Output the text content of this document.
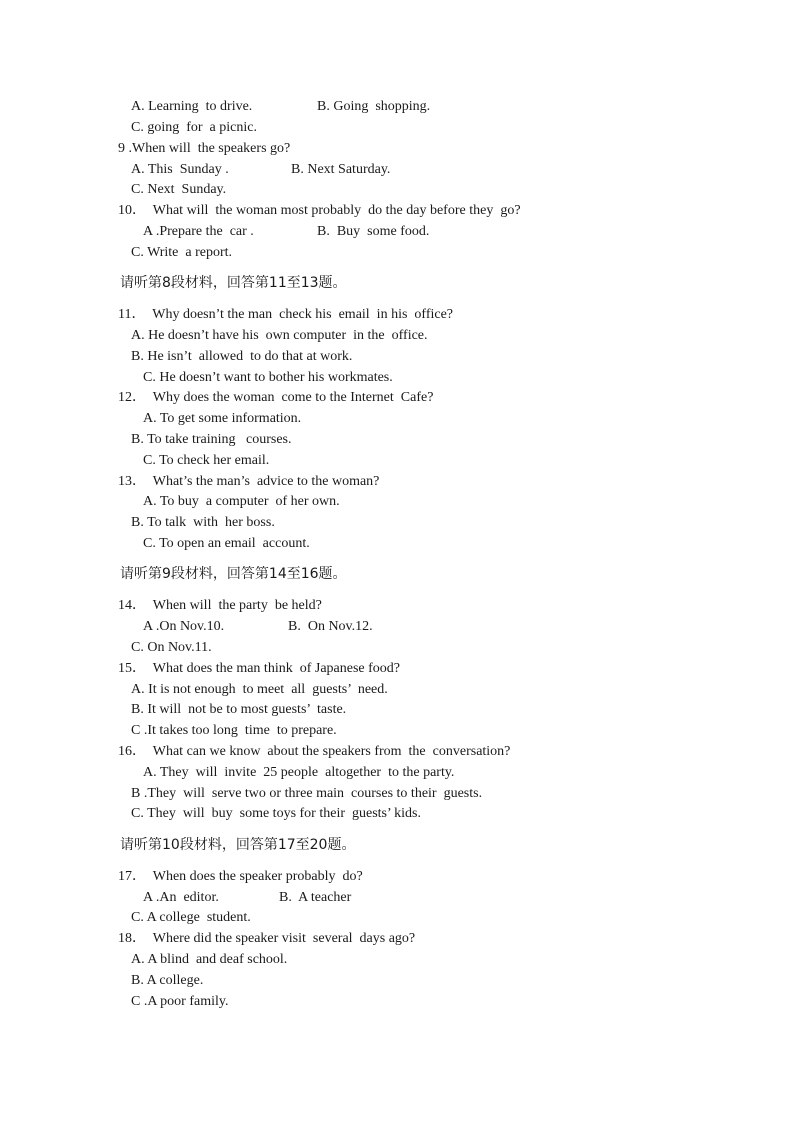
A. Learning  to drive.	B. Going  shopping.
C. going  for  a picnic.
9 .When will  the speakers go?
A. This  Sunday .	B. Next Saturday.
C. Next  Sunday.
10．  What will  the woman most probably  do the day before they  go?
A .Prepare the  car .	B.  Buy  some food.
C. Write  a report.
请听第8段材料，回答第11至13题。
11．  Why doesn’t the man  check his  email  in his  office?
A. He doesn’t have his  own computer  in the  office.
B. He isn’t  allowed  to do that at work.
C. He doesn’t want to bother his workmates.
12．  Why does the woman  come to the Internet  Cafe?
A. To get some information.
B. To take training   courses.
C. To check her email.
13．  What’s the man’s  advice to the woman?
A. To buy  a computer  of her own.
B. To talk  with  her boss.
C. To open an email  account.
请听第9段材料，回答第14至16题。
14．  When will  the party  be held?
A .On Nov.10.	B.  On Nov.12.
C. On Nov.11.
15．  What does the man think  of Japanese food?
A. It is not enough  to meet  all  guests’  need.
B. It will  not be to most guests’  taste.
C .It takes too long  time  to prepare.
16．  What can we know  about the speakers from  the  conversation?
A. They  will  invite  25 people  altogether  to the party.
B .They  will  serve two or three main  courses to their  guests.
C. They  will  buy  some toys for their  guests’ kids.
请听第10段材料，回答第17至20题。
17．  When does the speaker probably  do?
A .An  editor.	B.  A teacher
C. A college  student.
18．  Where did the speaker visit  several  days ago?
A. A blind  and deaf school.
B. A college.
C .A poor family.
